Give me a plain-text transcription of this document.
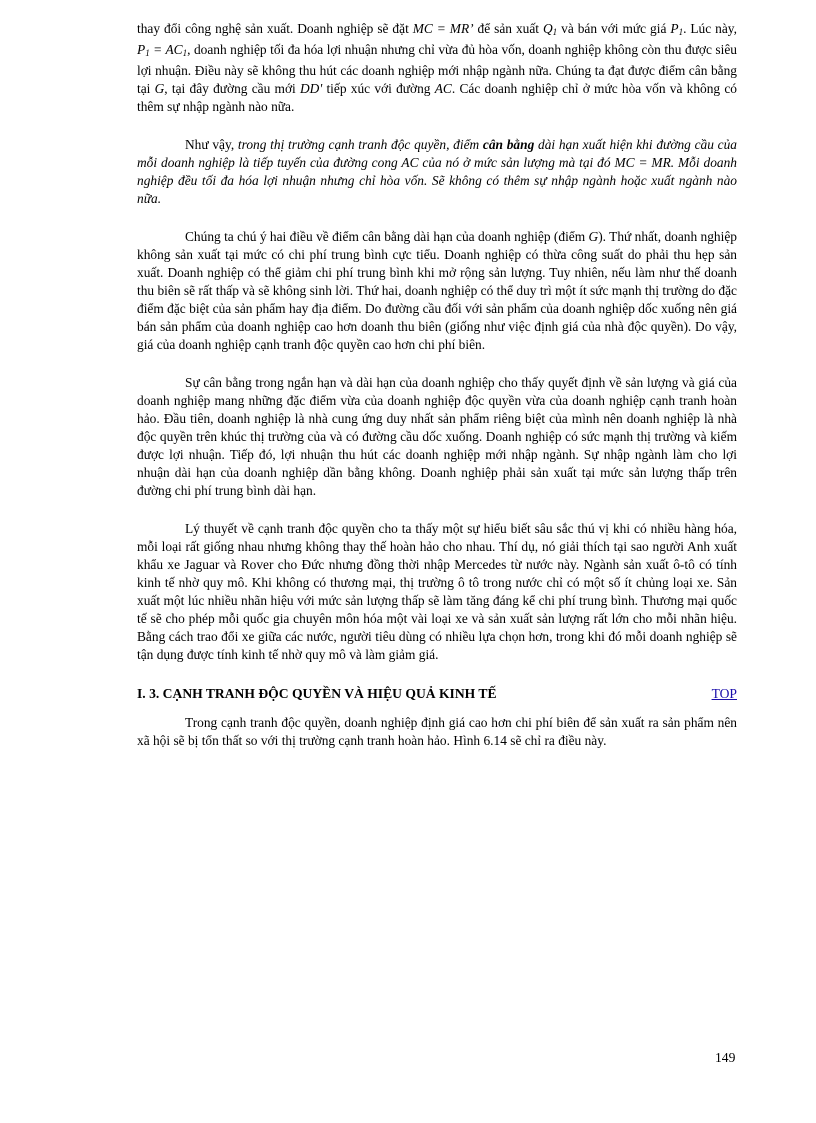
thay đổi công nghệ sản xuất. Doanh nghiệp sẽ đặt MC = MR’ để sản xuất $Q_1$ và bán với mức giá $P_1$. Lúc này, $P_1 = AC_1$, doanh nghiệp tối đa hóa lợi nhuận nhưng chỉ vừa đủ hòa vốn, doanh nghiệp không còn thu được siêu lợi nhuận. Điều này sẽ không thu hút các doanh nghiệp mới nhập ngành nữa. Chúng ta đạt được điểm cân bằng tại G, tại đây đường cầu mới DD' tiếp xúc với đường AC. Các doanh nghiệp chỉ ở mức hòa vốn và không có thêm sự nhập ngành nào nữa.

Như vậy, trong thị trường cạnh tranh độc quyền, điểm cân bằng dài hạn xuất hiện khi đường cầu của mỗi doanh nghiệp là tiếp tuyến của đường cong AC của nó ở mức sản lượng mà tại đó MC = MR. Mỗi doanh nghiệp đều tối đa hóa lợi nhuận nhưng chỉ hòa vốn. Sẽ không có thêm sự nhập ngành hoặc xuất ngành nào nữa.

Chúng ta chú ý hai điều về điểm cân bằng dài hạn của doanh nghiệp (điểm G). Thứ nhất, doanh nghiệp không sản xuất tại mức có chi phí trung bình cực tiểu. Doanh nghiệp có thừa công suất do phải thu hẹp sản xuất. Doanh nghiệp có thể giảm chi phí trung bình khi mở rộng sản lượng. Tuy nhiên, nếu làm như thế doanh thu biên sẽ rất thấp và sẽ không sinh lời. Thứ hai, doanh nghiệp có thể duy trì một ít sức mạnh thị trường do đặc điểm đặc biệt của sản phẩm hay địa điểm. Do đường cầu đối với sản phẩm của doanh nghiệp dốc xuống nên giá bán sản phẩm của doanh nghiệp cao hơn doanh thu biên (giống như việc định giá của nhà độc quyền). Do vậy, giá của doanh nghiệp cạnh tranh độc quyền cao hơn chi phí biên.

Sự cân bằng trong ngắn hạn và dài hạn của doanh nghiệp cho thấy quyết định về sản lượng và giá của doanh nghiệp mang những đặc điểm vừa của doanh nghiệp độc quyền vừa của doanh nghiệp cạnh tranh hoàn hảo. Đầu tiên, doanh nghiệp là nhà cung ứng duy nhất sản phẩm riêng biệt của mình nên doanh nghiệp là nhà độc quyền trên khúc thị trường của và có đường cầu dốc xuống. Doanh nghiệp có sức mạnh thị trường và kiếm được lợi nhuận. Tiếp đó, lợi nhuận thu hút các doanh nghiệp mới nhập ngành. Sự nhập ngành làm cho lợi nhuận dài hạn của doanh nghiệp dần bằng không. Doanh nghiệp phải sản xuất tại mức sản lượng thấp trên đường chi phí trung bình dài hạn.

Lý thuyết về cạnh tranh độc quyền cho ta thấy một sự hiểu biết sâu sắc thú vị khi có nhiều hàng hóa, mỗi loại rất giống nhau nhưng không thay thế hoàn hảo cho nhau. Thí dụ, nó giải thích tại sao người Anh xuất khẩu xe Jaguar và Rover cho Đức nhưng đồng thời nhập Mercedes từ nước này. Ngành sản xuất ô-tô có tính kinh tế nhờ quy mô. Khi không có thương mại, thị trường ô tô trong nước chỉ có một số ít chủng loại xe. Sản xuất một lúc nhiều nhãn hiệu với mức sản lượng thấp sẽ làm tăng đáng kể chi phí trung bình. Thương mại quốc tế sẽ cho phép mỗi quốc gia chuyên môn hóa một vài loại xe và sản xuất sản lượng rất lớn cho mỗi nhãn hiệu. Bằng cách trao đổi xe giữa các nước, người tiêu dùng có nhiều lựa chọn hơn, trong khi đó mỗi doanh nghiệp sẽ tận dụng được tính kinh tế nhờ quy mô và làm giảm giá.

I. 3. CẠNH TRANH ĐỘC QUYỀN VÀ HIỆU QUẢ KINH TẾ	TOP

Trong cạnh tranh độc quyền, doanh nghiệp định giá cao hơn chi phí biên để sản xuất ra sản phẩm nên xã hội sẽ bị tổn thất so với thị trường cạnh tranh hoàn hảo. Hình 6.14 sẽ chỉ ra điều này.

149
